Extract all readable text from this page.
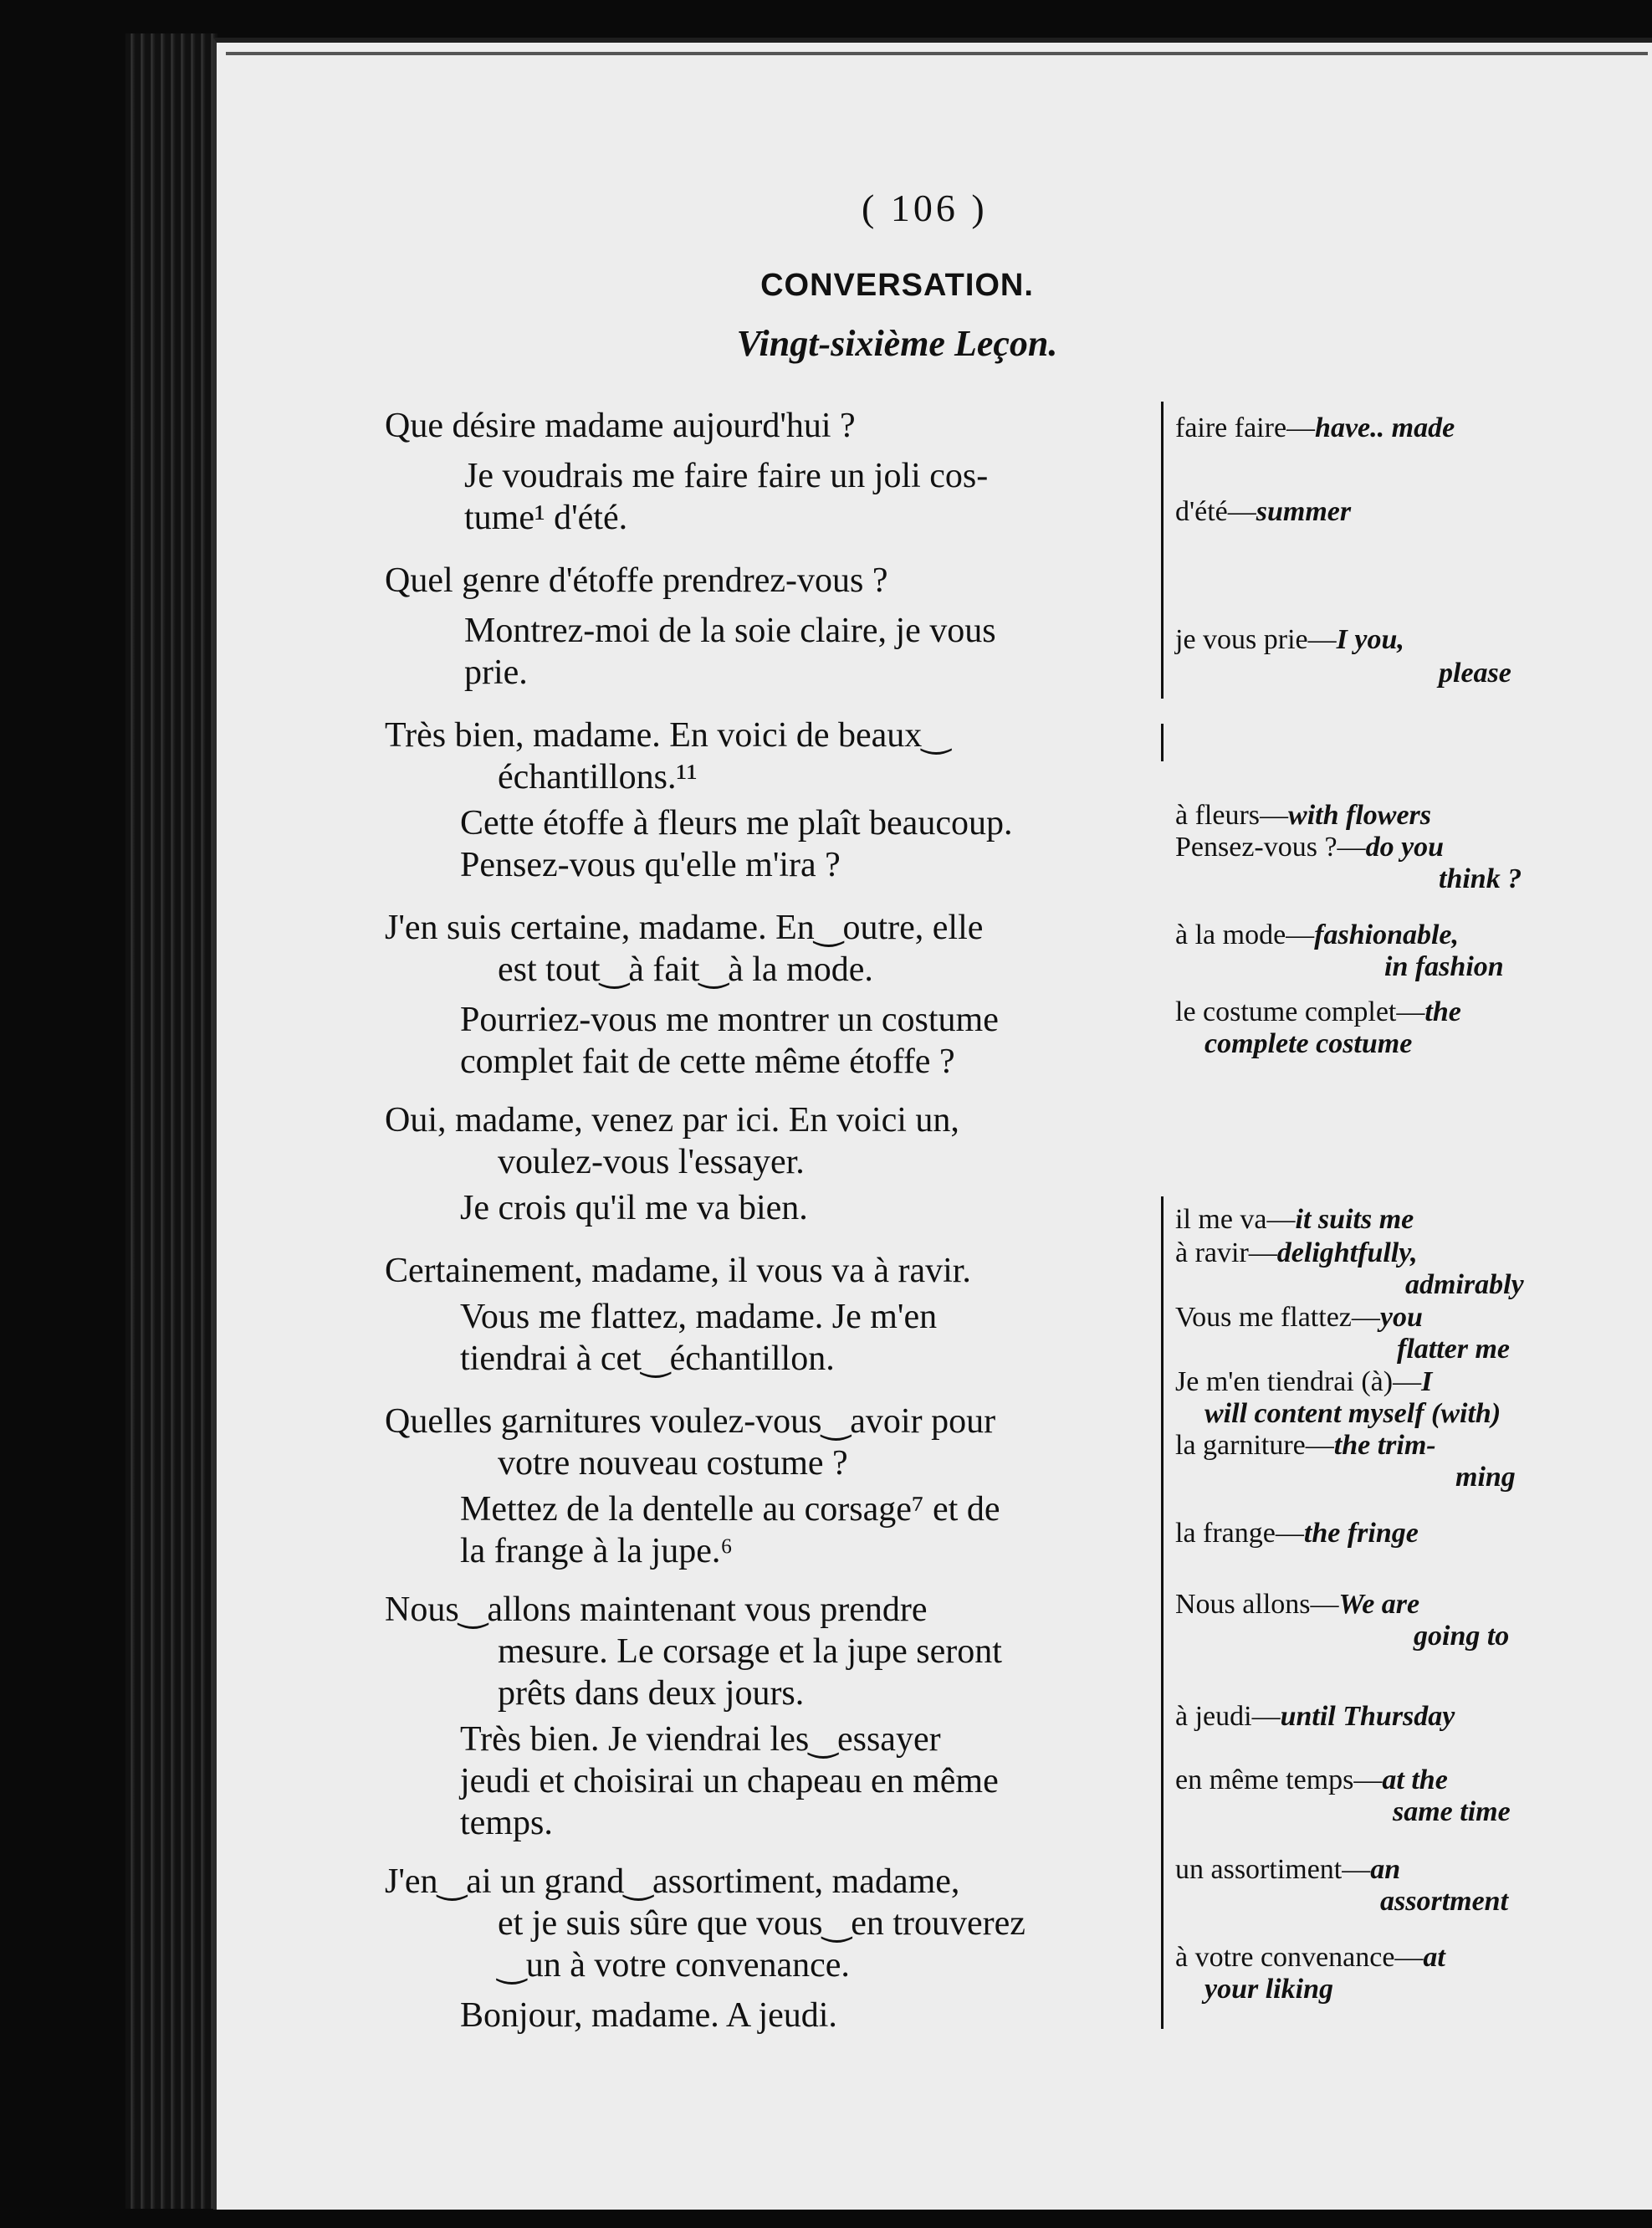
( 106 )
CONVERSATION.
Vingt-sixième Leçon.
Que désire madame aujourd'hui ?
Je voudrais me faire faire un joli cos-
tume¹ d'été.
Quel genre d'étoffe prendrez-vous ?
Montrez-moi de la soie claire, je vous
prie.
Très bien, madame. En voici de beaux‿
échantillons.¹¹
Cette étoffe à fleurs me plaît beaucoup.
Pensez-vous qu'elle m'ira ?
J'en suis certaine, madame. En‿outre, elle
est tout‿à fait‿à la mode.
Pourriez-vous me montrer un costume
complet fait de cette même étoffe ?
Oui, madame, venez par ici. En voici un,
voulez-vous l'essayer.
Je crois qu'il me va bien.
Certainement, madame, il vous va à ravir.
Vous me flattez, madame. Je m'en
tiendrai à cet‿échantillon.
Quelles garnitures voulez-vous‿avoir pour
votre nouveau costume ?
Mettez de la dentelle au corsage⁷ et de
la frange à la jupe.⁶
Nous‿allons maintenant vous prendre
mesure. Le corsage et la jupe seront
prêts dans deux jours.
Très bien. Je viendrai les‿essayer
jeudi et choisirai un chapeau en même
temps.
J'en‿ai un grand‿assortiment, madame,
et je suis sûre que vous‿en trouverez
‿un à votre convenance.
Bonjour, madame. A jeudi.
faire faire—have.. made
d'été—summer
je vous prie—I you,
please
à fleurs—with flowers
Pensez-vous ?—do you
think ?
à la mode—fashionable,
in fashion
le costume complet—the
complete costume
il me va—it suits me
à ravir—delightfully,
admirably
Vous me flattez—you
flatter me
Je m'en tiendrai (à)—I
will content myself (with)
la garniture—the trim-
ming
la frange—the fringe
Nous allons—We are
going to
à jeudi—until Thursday
en même temps—at the
same time
un assortiment—an
assortment
à votre convenance—at
your liking
